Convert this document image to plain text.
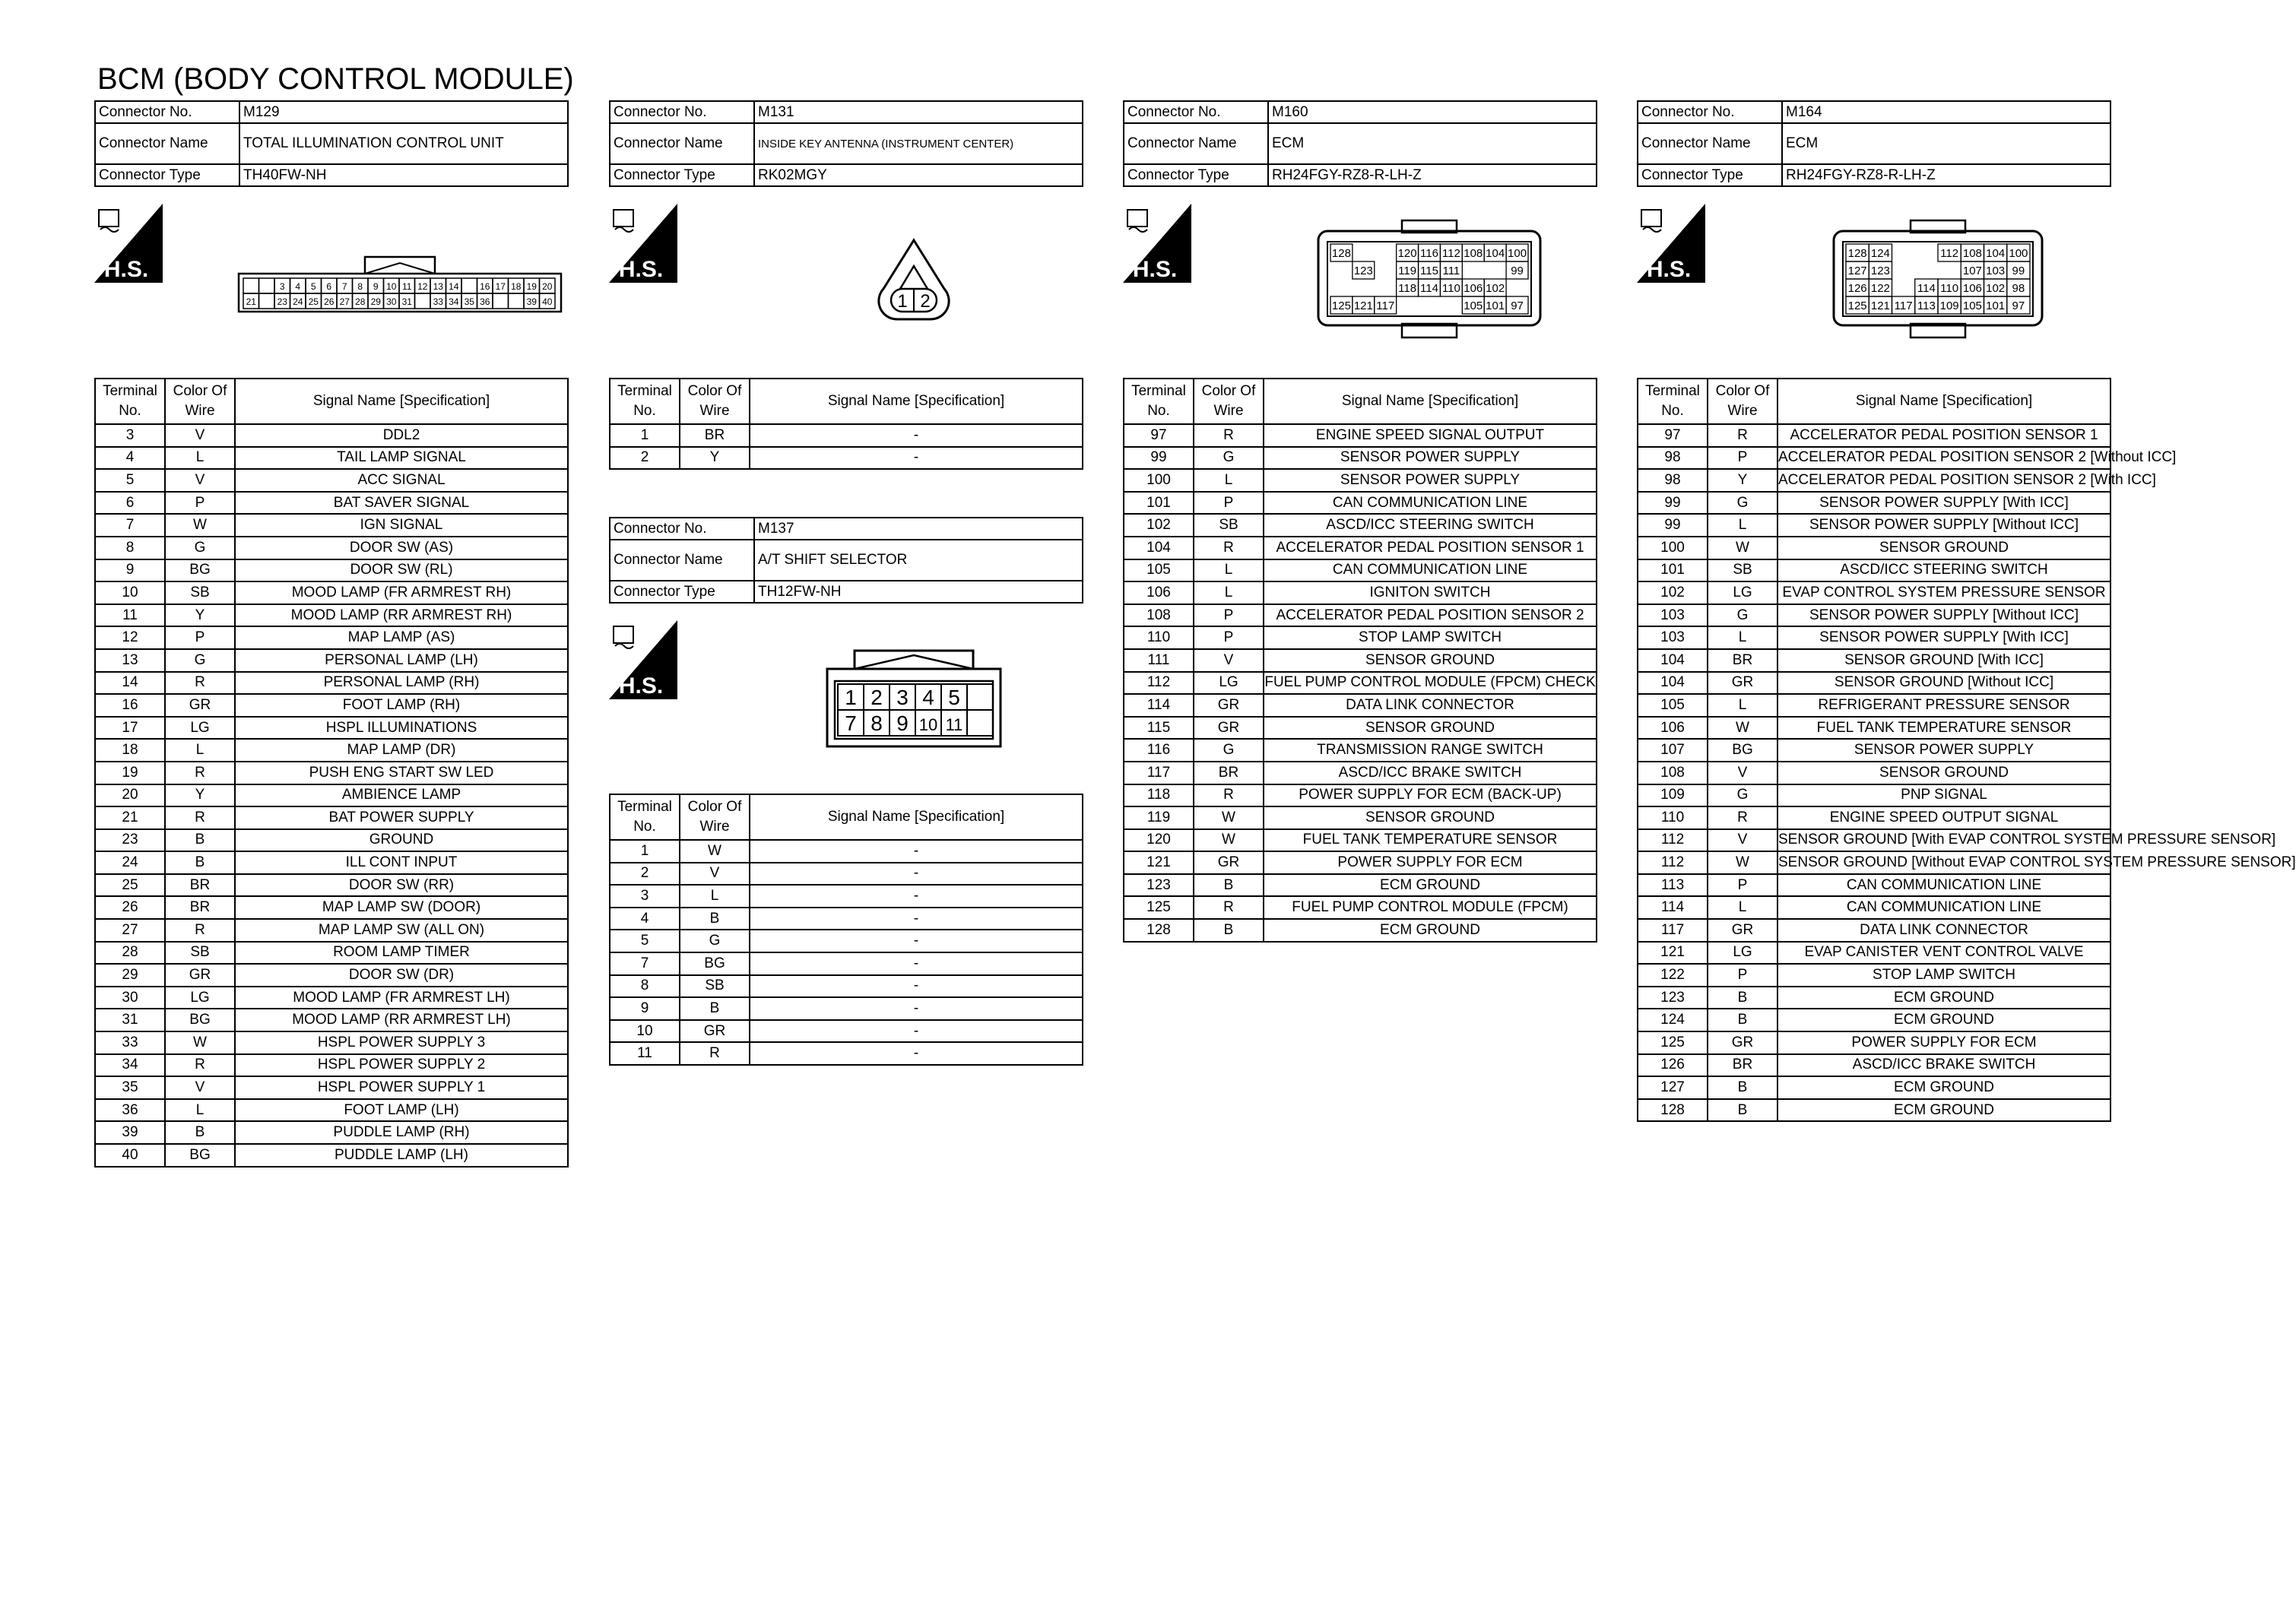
BCM (BODY CONTROL MODULE)
Connector No.	M129
Connector Name	TOTAL ILLUMINATION CONTROL UNIT
Connector Type	TH40FW-NH
H.S.
3 4 5 6 7 8 9 10 11 12 13 14 16 17 18 19 20
21 23 24 25 26 27 28 29 30 31 33 34 35 36	39 40
Terminal
No.	Color Of
Wire	Signal Name [Specification]
3	V	DDL2
4	L	TAIL LAMP SIGNAL
5	V	ACC SIGNAL
6	P	BAT SAVER SIGNAL
7	W	IGN SIGNAL
8	G	DOOR SW (AS)
9	BG	DOOR SW (RL)
10	SB	MOOD LAMP (FR ARMREST RH)
11	Y	MOOD LAMP (RR ARMREST RH)
12	P	MAP LAMP (AS)
13	G	PERSONAL LAMP (LH)
14	R	PERSONAL LAMP (RH)
16	GR	FOOT LAMP (RH)
17	LG	HSPL ILLUMINATIONS
18	L	MAP LAMP (DR)
19	R	PUSH ENG START SW LED
20	Y	AMBIENCE LAMP
21	R	BAT POWER SUPPLY
23	B	GROUND
24	B	ILL CONT INPUT
25	BR	DOOR SW (RR)
26	BR	MAP LAMP SW (DOOR)
27	R	MAP LAMP SW (ALL ON)
28	SB	ROOM LAMP TIMER
29	GR	DOOR SW (DR)
30	LG	MOOD LAMP (FR ARMREST LH)
31	BG	MOOD LAMP (RR ARMREST LH)
33	W	HSPL POWER SUPPLY 3
34	R	HSPL POWER SUPPLY 2
35	V	HSPL POWER SUPPLY 1
36	L	FOOT LAMP (LH)
39	B	PUDDLE LAMP (RH)
40	BG	PUDDLE LAMP (LH)
Connector No.	M131
Connector Name	INSIDE KEY ANTENNA (INSTRUMENT CENTER)
Connector Type	RK02MGY
H.S.
1 2
Terminal
No.	Color Of
Wire	Signal Name [Specification]
1	BR	-
2	Y	-
Connector No.	M137
Connector Name	A/T SHIFT SELECTOR
Connector Type	TH12FW-NH
H.S.	1 2 3 4 5
7 8 9 10 11
Terminal
No.	Color Of
Wire	Signal Name [Specification]
1	W	-
2	V	-
3	L	-
4	B	-
5	G	-
7	BG	-
8	SB	-
9	B	-
10	GR	-
11	R	-
Connector No.	M160
Connector Name	ECM
Connector Type	RH24FGY-RZ8-R-LH-Z
H.S.
128	120 116 112 108 104 100
123 119 115 111	99
118 114 110 106 102
125 121 117	105 101 97
Terminal
No.	Color Of
Wire	Signal Name [Specification]
97	R	ENGINE SPEED SIGNAL OUTPUT
99	G	SENSOR POWER SUPPLY
100	L	SENSOR POWER SUPPLY
101	P	CAN COMMUNICATION LINE
102	SB	ASCD/ICC STEERING SWITCH
104	R	ACCELERATOR PEDAL POSITION SENSOR 1
105	L	CAN COMMUNICATION LINE
106	L	IGNITON SWITCH
108	P	ACCELERATOR PEDAL POSITION SENSOR 2
110	P	STOP LAMP SWITCH
111	V	SENSOR GROUND
112	LG	FUEL PUMP CONTROL MODULE (FPCM) CHECK
114	GR	DATA LINK CONNECTOR
115	GR	SENSOR GROUND
116	G	TRANSMISSION RANGE SWITCH
117	BR	ASCD/ICC BRAKE SWITCH
118	R	POWER SUPPLY FOR ECM (BACK-UP)
119	W	SENSOR GROUND
120	W	FUEL TANK TEMPERATURE SENSOR
121	GR	POWER SUPPLY FOR ECM
123	B	ECM GROUND
125	R	FUEL PUMP CONTROL MODULE (FPCM)
128	B	ECM GROUND
Connector No.	M164
Connector Name	ECM
Connector Type	RH24FGY-RZ8-R-LH-Z
H.S.
128 124	112 108 104 100
127 123	107 103 99
126 122 114 110 106 102 98
125 121 117 113 109 105 101 97
Terminal
No.	Color Of
Wire	Signal Name [Specification]
97	R	ACCELERATOR PEDAL POSITION SENSOR 1
98	P	ACCELERATOR PEDAL POSITION SENSOR 2 [Without ICC]
98	Y	ACCELERATOR PEDAL POSITION SENSOR 2 [With ICC]
99	G	SENSOR POWER SUPPLY [With ICC]
99	L	SENSOR POWER SUPPLY [Without ICC]
100	W	SENSOR GROUND
101	SB	ASCD/ICC STEERING SWITCH
102	LG	EVAP CONTROL SYSTEM PRESSURE SENSOR
103	G	SENSOR POWER SUPPLY [Without ICC]
103	L	SENSOR POWER SUPPLY [With ICC]
104	BR	SENSOR GROUND [With ICC]
104	GR	SENSOR GROUND [Without ICC]
105	L	REFRIGERANT PRESSURE SENSOR
106	W	FUEL TANK TEMPERATURE SENSOR
107	BG	SENSOR POWER SUPPLY
108	V	SENSOR GROUND
109	G	PNP SIGNAL
110	R	ENGINE SPEED OUTPUT SIGNAL
112	V	SENSOR GROUND [With EVAP CONTROL SYSTEM PRESSURE SENSOR]
112	W	SENSOR GROUND [Without EVAP CONTROL SYSTEM PRESSURE SENSOR]
113	P	CAN COMMUNICATION LINE
114	L	CAN COMMUNICATION LINE
117	GR	DATA LINK CONNECTOR
121	LG	EVAP CANISTER VENT CONTROL VALVE
122	P	STOP LAMP SWITCH
123	B	ECM GROUND
124	B	ECM GROUND
125	GR	POWER SUPPLY FOR ECM
126	BR	ASCD/ICC BRAKE SWITCH
127	B	ECM GROUND
128	B	ECM GROUND
